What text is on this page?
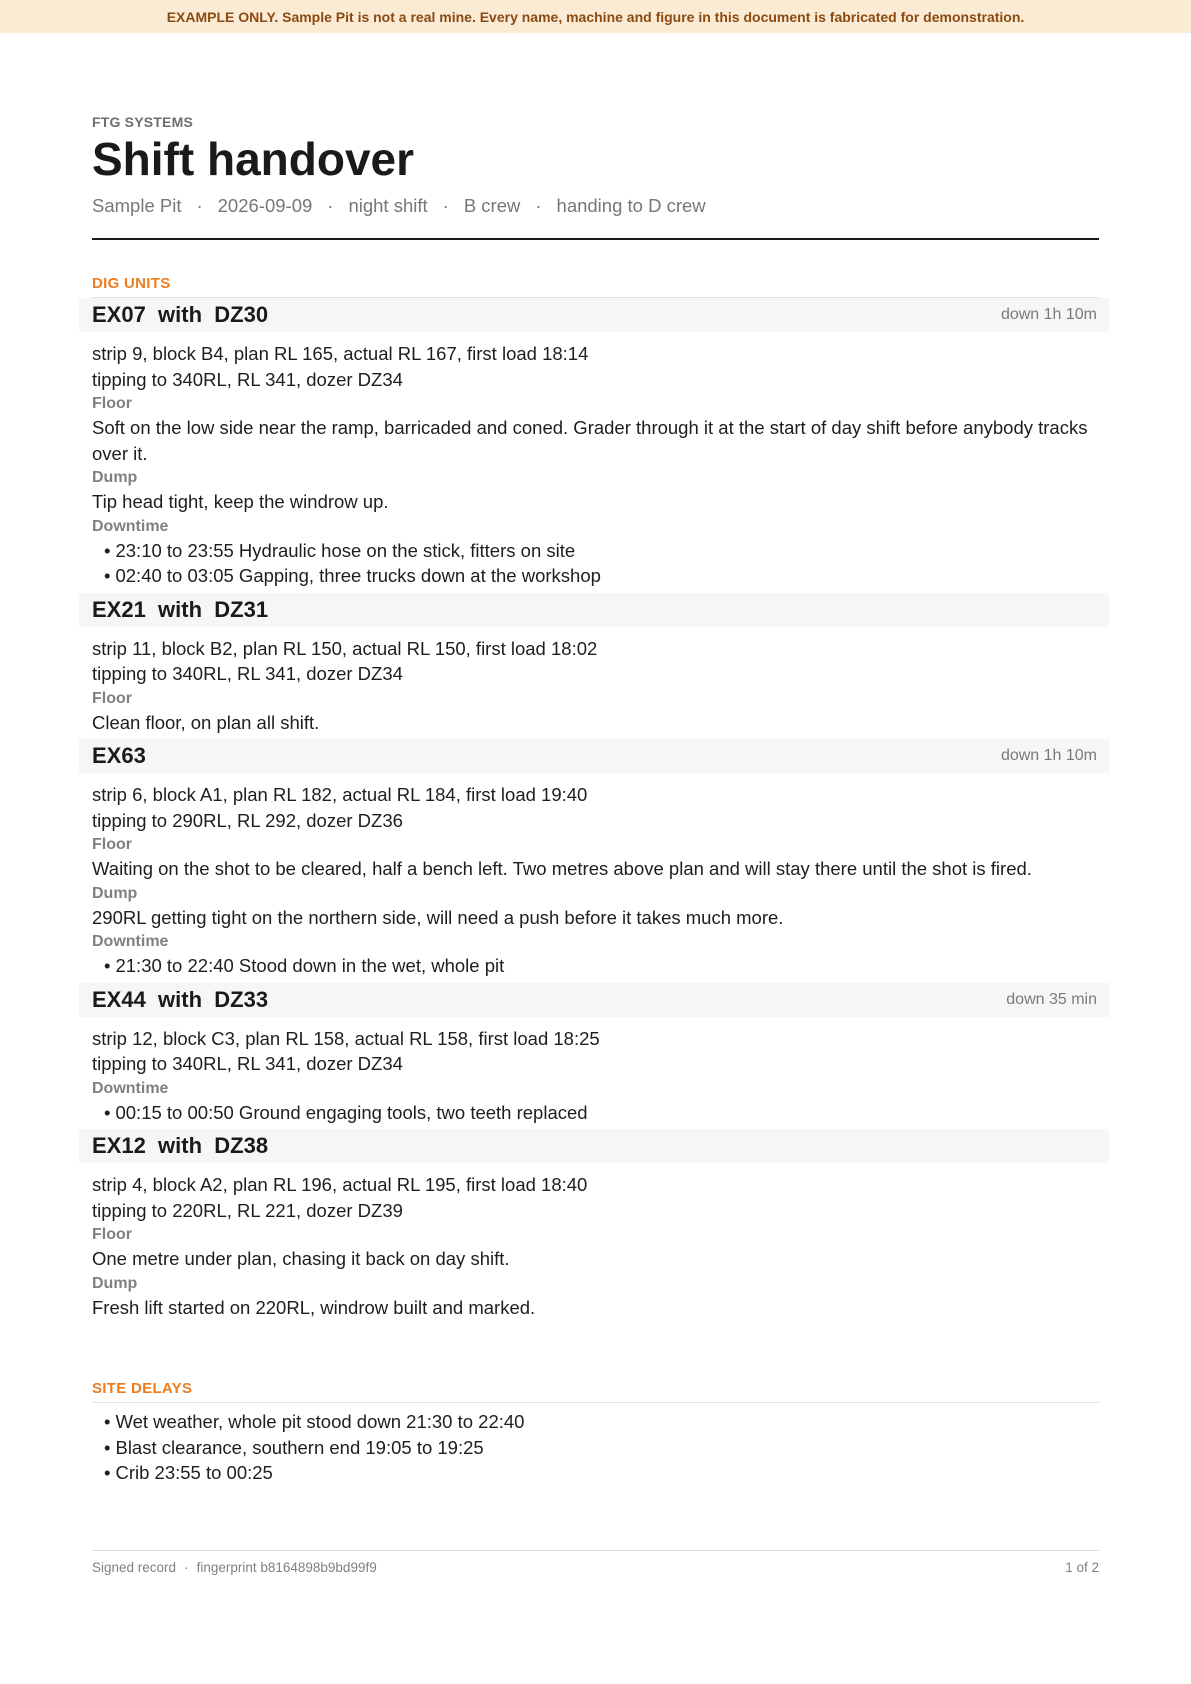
EXAMPLE ONLY. Sample Pit is not a real mine. Every name, machine and figure in this document is fabricated for demonstration.
FTG SYSTEMS
Shift handover
Sample Pit · 2026-09-09 · night shift · B crew · handing to D crew
DIG UNITS
EX07  with  DZ30	down 1h 10m
strip 9, block B4, plan RL 165, actual RL 167, first load 18:14
tipping to 340RL, RL 341, dozer DZ34
Floor
Soft on the low side near the ramp, barricaded and coned. Grader through it at the start of day shift before anybody tracks over it.
Dump
Tip head tight, keep the windrow up.
Downtime
• 23:10 to 23:55 Hydraulic hose on the stick, fitters on site
• 02:40 to 03:05 Gapping, three trucks down at the workshop
EX21  with  DZ31
strip 11, block B2, plan RL 150, actual RL 150, first load 18:02
tipping to 340RL, RL 341, dozer DZ34
Floor
Clean floor, on plan all shift.
EX63	down 1h 10m
strip 6, block A1, plan RL 182, actual RL 184, first load 19:40
tipping to 290RL, RL 292, dozer DZ36
Floor
Waiting on the shot to be cleared, half a bench left. Two metres above plan and will stay there until the shot is fired.
Dump
290RL getting tight on the northern side, will need a push before it takes much more.
Downtime
• 21:30 to 22:40 Stood down in the wet, whole pit
EX44  with  DZ33	down 35 min
strip 12, block C3, plan RL 158, actual RL 158, first load 18:25
tipping to 340RL, RL 341, dozer DZ34
Downtime
• 00:15 to 00:50 Ground engaging tools, two teeth replaced
EX12  with  DZ38
strip 4, block A2, plan RL 196, actual RL 195, first load 18:40
tipping to 220RL, RL 221, dozer DZ39
Floor
One metre under plan, chasing it back on day shift.
Dump
Fresh lift started on 220RL, windrow built and marked.
SITE DELAYS
• Wet weather, whole pit stood down 21:30 to 22:40
• Blast clearance, southern end 19:05 to 19:25
• Crib 23:55 to 00:25
Signed record · fingerprint b8164898b9bd99f9	1 of 2
